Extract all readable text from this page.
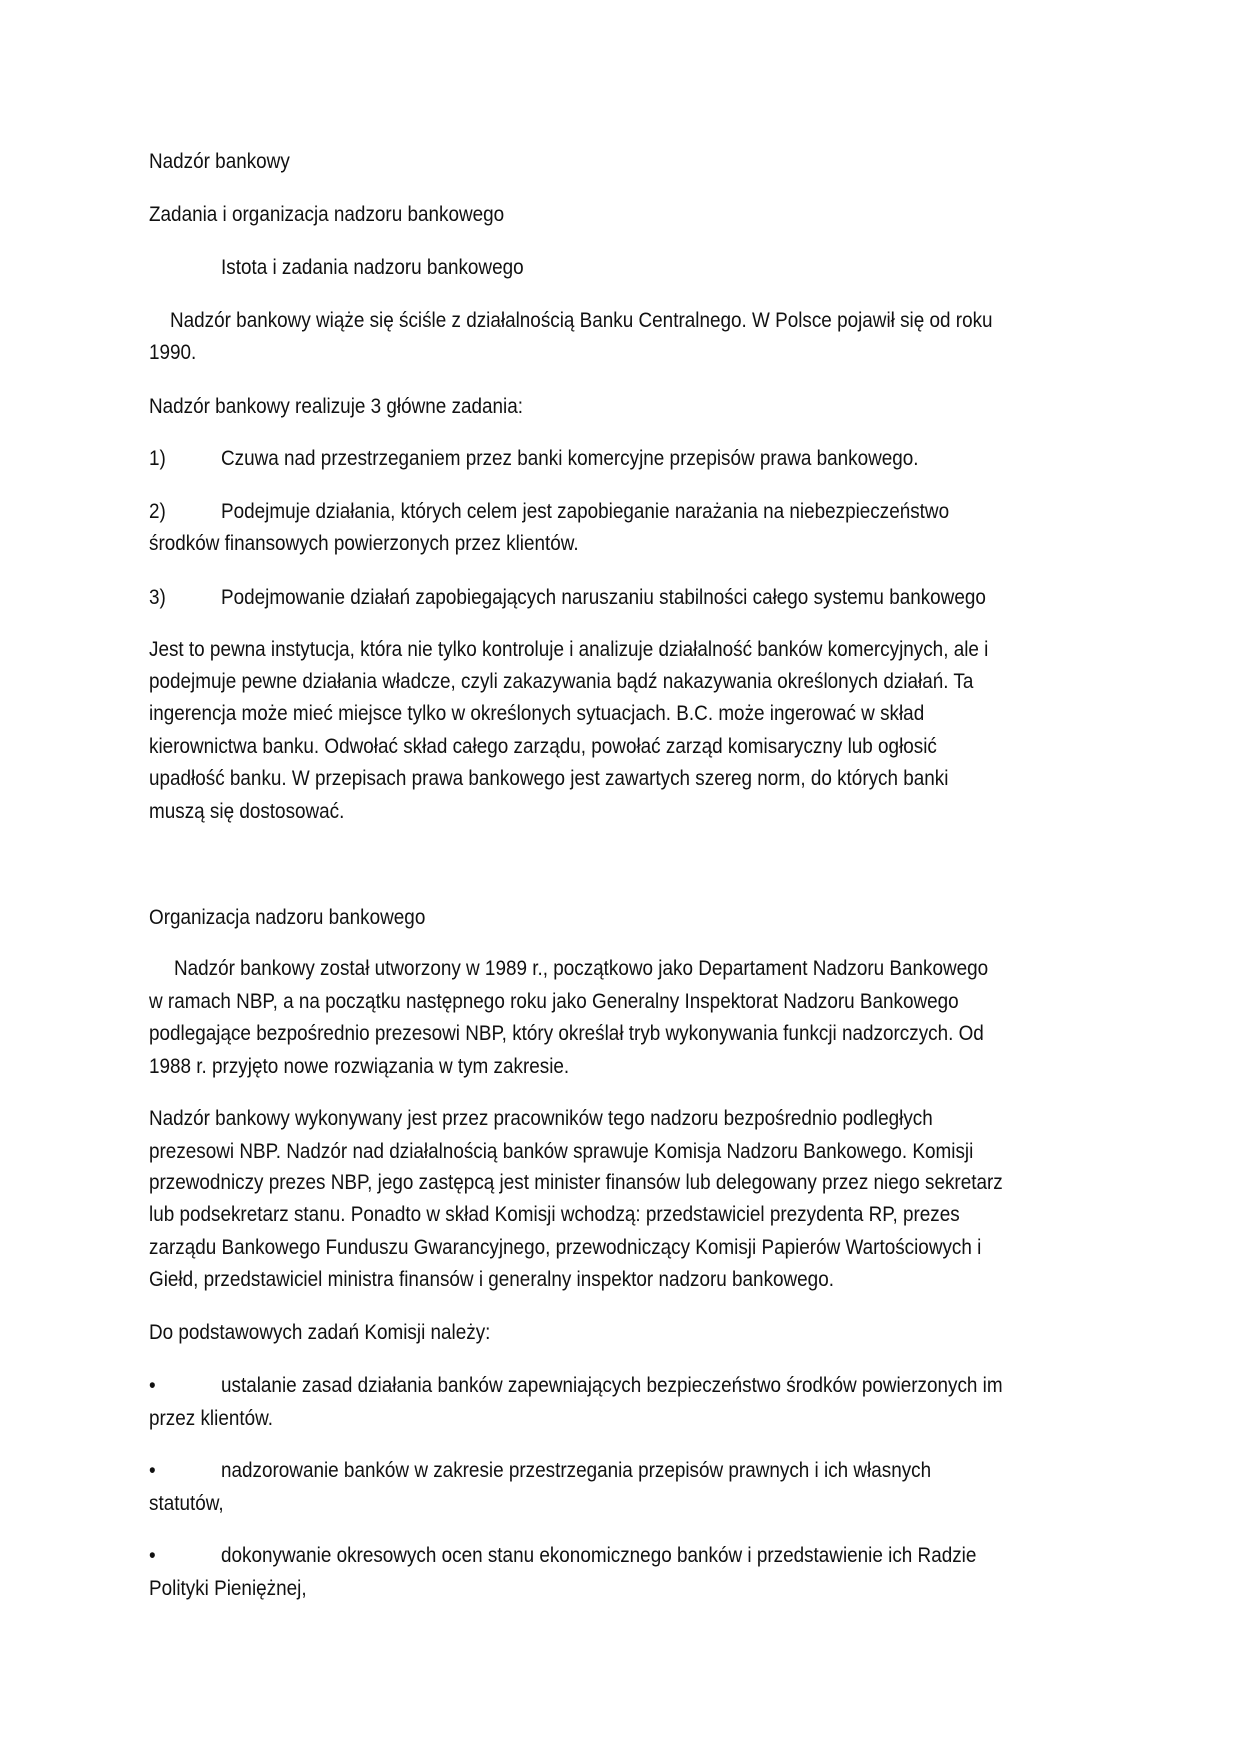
Nadzór bankowy
Zadania i organizacja nadzoru bankowego
Istota i zadania nadzoru bankowego
Nadzór bankowy wiąże się ściśle z działalnością Banku Centralnego. W Polsce pojawił się od roku
1990.
Nadzór bankowy realizuje 3 główne zadania:
1)	Czuwa nad przestrzeganiem przez banki komercyjne przepisów prawa bankowego.
2)	Podejmuje działania, których celem jest zapobieganie narażania na niebezpieczeństwo
środków finansowych powierzonych przez klientów.
3)	Podejmowanie działań zapobiegających naruszaniu stabilności całego systemu bankowego
Jest to pewna instytucja, która nie tylko kontroluje i analizuje działalność banków komercyjnych, ale i
podejmuje pewne działania władcze, czyli zakazywania bądź nakazywania określonych działań. Ta
ingerencja może mieć miejsce tylko w określonych sytuacjach. B.C. może ingerować w skład
kierownictwa banku. Odwołać skład całego zarządu, powołać zarząd komisaryczny lub ogłosić
upadłość banku. W przepisach prawa bankowego jest zawartych szereg norm, do których banki
muszą się dostosować.
Organizacja nadzoru bankowego
Nadzór bankowy został utworzony w 1989 r., początkowo jako Departament Nadzoru Bankowego
w ramach NBP, a na początku następnego roku jako Generalny Inspektorat Nadzoru Bankowego
podlegające bezpośrednio prezesowi NBP, który określał tryb wykonywania funkcji nadzorczych. Od
1988 r. przyjęto nowe rozwiązania w tym zakresie.
Nadzór bankowy wykonywany jest przez pracowników tego nadzoru bezpośrednio podległych
prezesowi NBP. Nadzór nad działalnością banków sprawuje Komisja Nadzoru Bankowego. Komisji
przewodniczy prezes NBP, jego zastępcą jest minister finansów lub delegowany przez niego sekretarz
lub podsekretarz stanu. Ponadto w skład Komisji wchodzą: przedstawiciel prezydenta RP, prezes
zarządu Bankowego Funduszu Gwarancyjnego, przewodniczący Komisji Papierów Wartościowych i
Giełd, przedstawiciel ministra finansów i generalny inspektor nadzoru bankowego.
Do podstawowych zadań Komisji należy:
•	ustalanie zasad działania banków zapewniających bezpieczeństwo środków powierzonych im
przez klientów.
•	nadzorowanie banków w zakresie przestrzegania przepisów prawnych i ich własnych
statutów,
•	dokonywanie okresowych ocen stanu ekonomicznego banków i przedstawienie ich Radzie
Polityki Pieniężnej,
